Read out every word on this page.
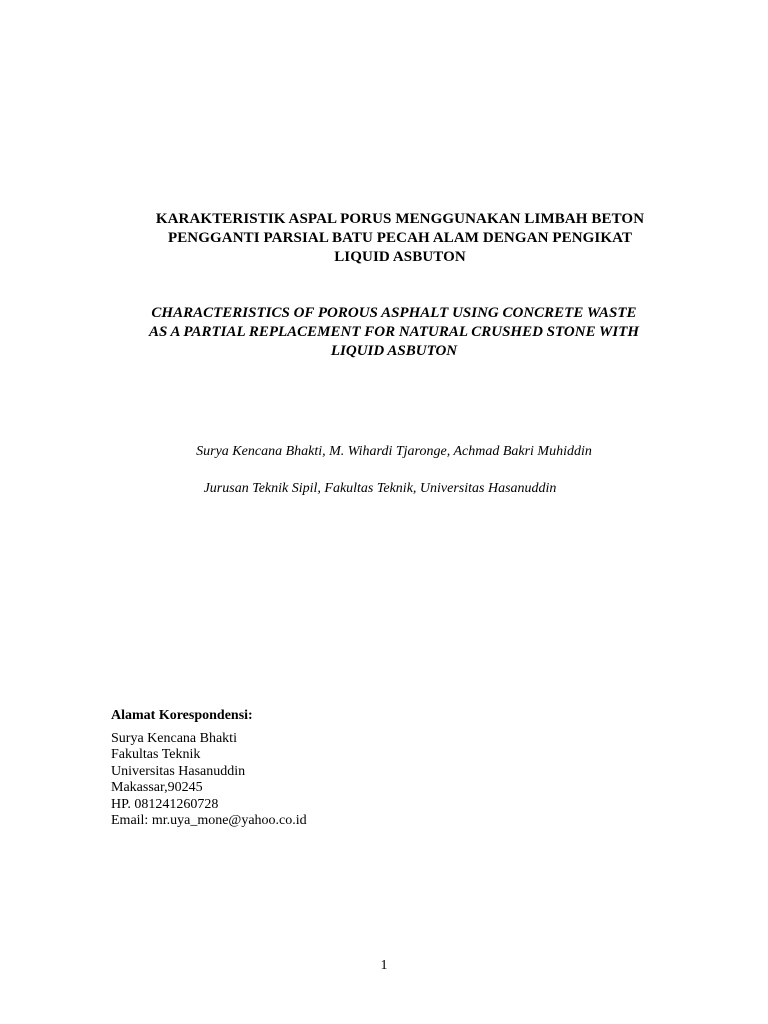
KARAKTERISTIK ASPAL PORUS MENGGUNAKAN LIMBAH BETON
PENGGANTI PARSIAL BATU PECAH ALAM DENGAN PENGIKAT
LIQUID ASBUTON
CHARACTERISTICS OF POROUS ASPHALT USING CONCRETE WASTE
AS A PARTIAL REPLACEMENT FOR NATURAL CRUSHED STONE WITH
LIQUID ASBUTON
Surya Kencana Bhakti, M. Wihardi Tjaronge, Achmad Bakri Muhiddin
Jurusan Teknik Sipil, Fakultas Teknik, Universitas Hasanuddin
Alamat Korespondensi:
Surya Kencana Bhakti
Fakultas Teknik
Universitas Hasanuddin
Makassar,90245
HP. 081241260728
Email: mr.uya_mone@yahoo.co.id
1
